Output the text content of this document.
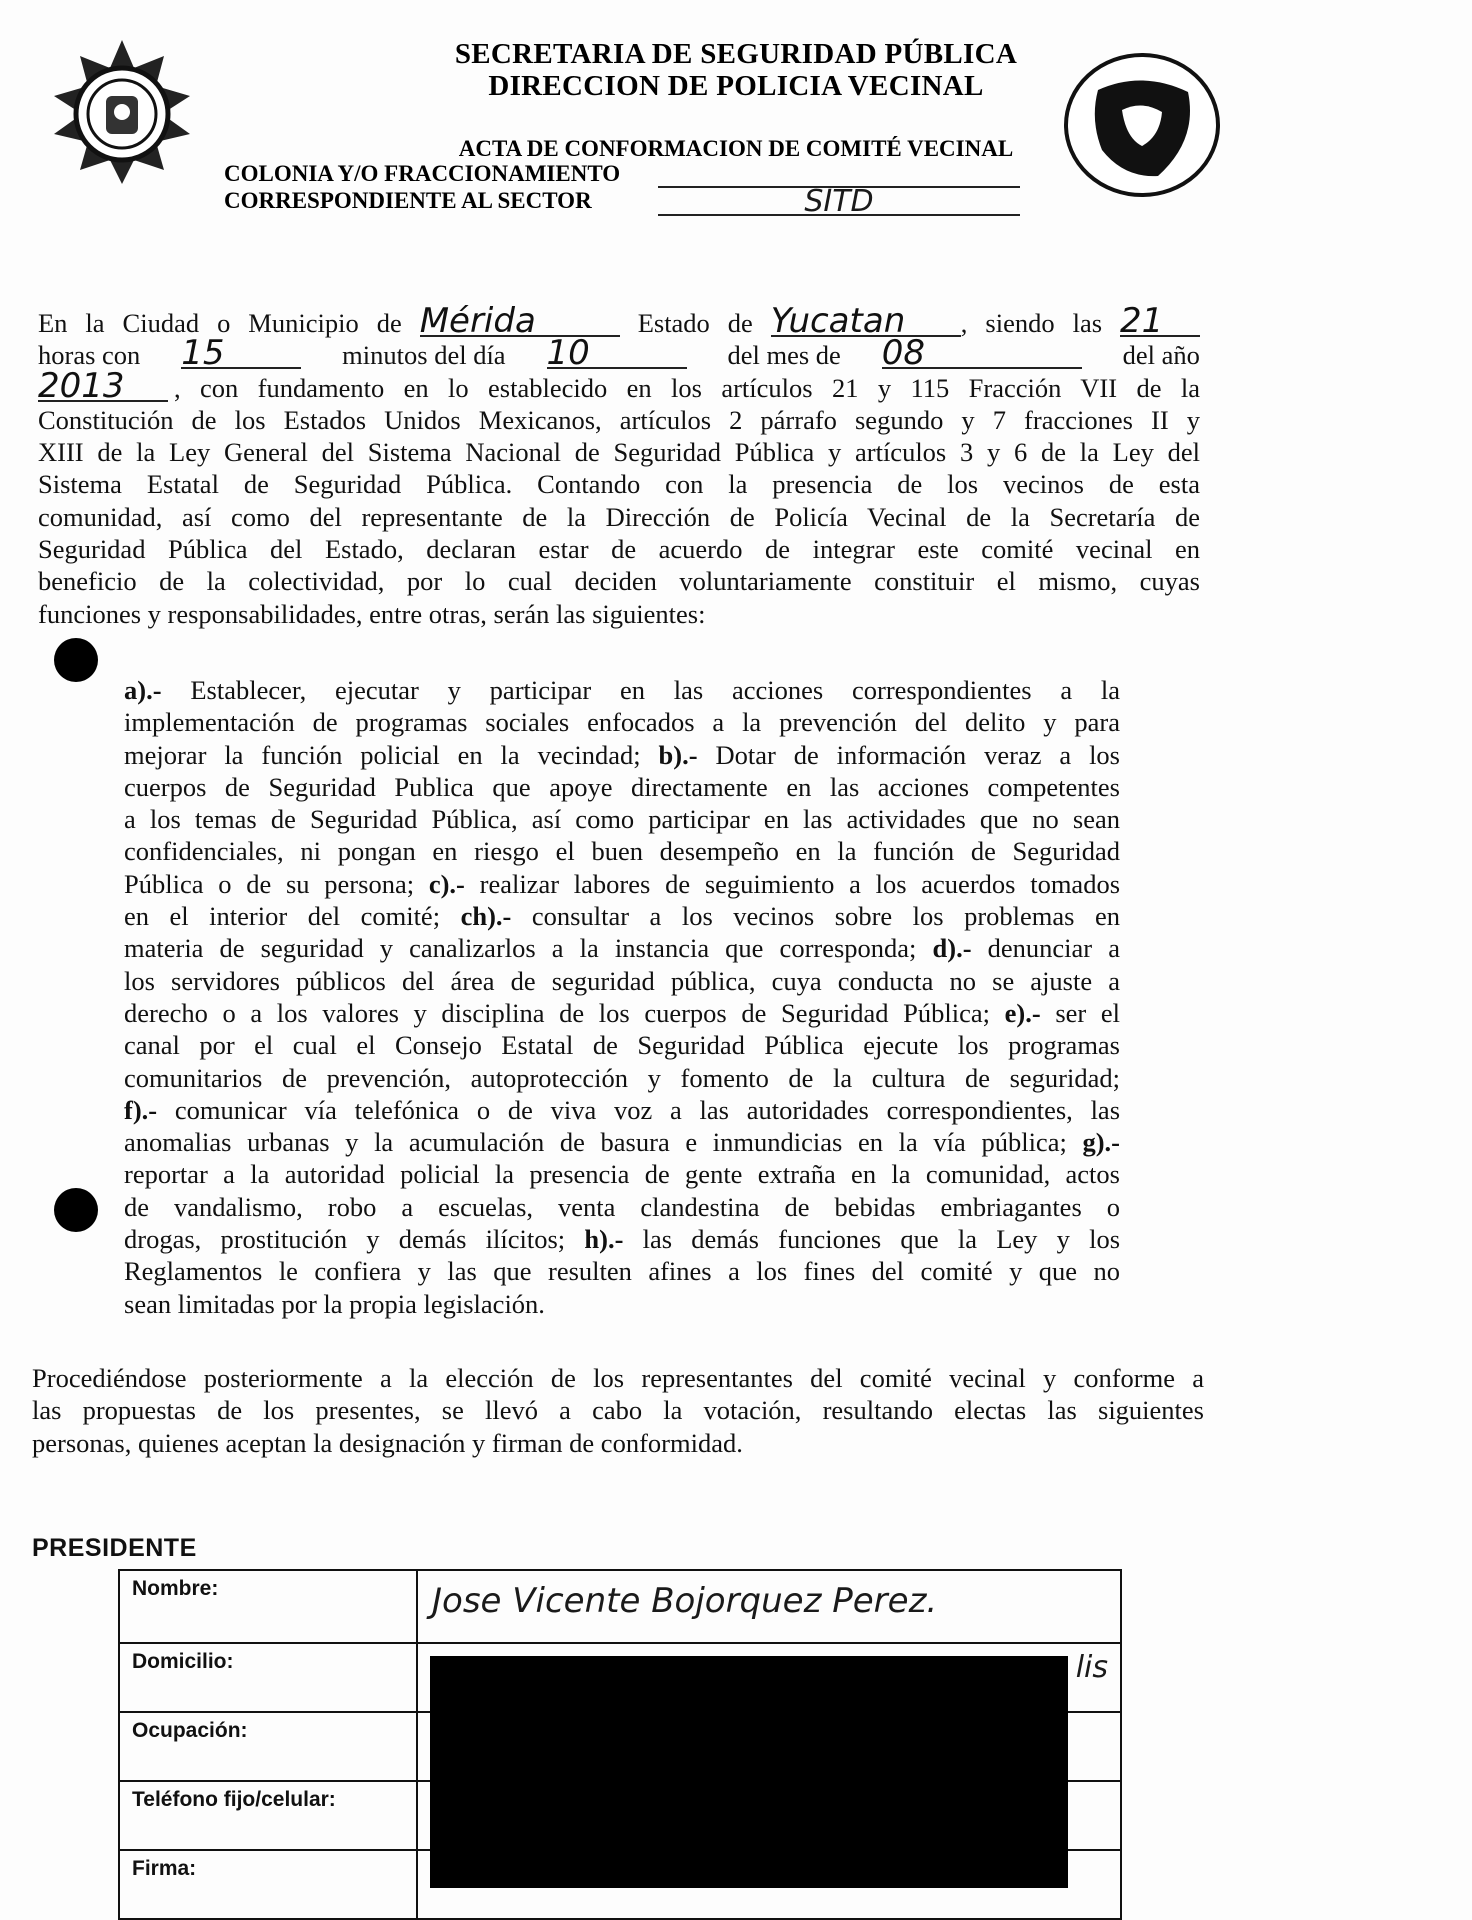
SECRETARIA DE SEGURIDAD PÚBLICA
DIRECCION DE POLICIA VECINAL
ACTA DE CONFORMACION DE COMITÉ VECINAL
COLONIA Y/O FRACCIONAMIENTO
CORRESPONDIENTE AL SECTOR	SITD
En la Ciudad o Municipio de Mérida	Estado de Yucatan , siendo las 21
horas con 15	minutos del día 10	del mes de 08	del año
2013	, con fundamento en lo establecido en los artículos 21 y 115 Fracción VII de la
Constitución de los Estados Unidos Mexicanos, artículos 2 párrafo segundo y 7 fracciones II y
XIII de la Ley General del Sistema Nacional de Seguridad Pública y artículos 3 y 6 de la Ley del
Sistema Estatal de Seguridad Pública. Contando con la presencia de los vecinos de esta
comunidad, así como del representante de la Dirección de Policía Vecinal de la Secretaría de
Seguridad Pública del Estado, declaran estar de acuerdo de integrar este comité vecinal en
beneficio de la colectividad, por lo cual deciden voluntariamente constituir el mismo, cuyas
funciones y responsabilidades, entre otras, serán las siguientes:
a).- Establecer, ejecutar y participar en las acciones correspondientes a la
implementación de programas sociales enfocados a la prevención del delito y para
mejorar la función policial en la vecindad; b).- Dotar de información veraz a los
cuerpos de Seguridad Publica que apoye directamente en las acciones competentes
a los temas de Seguridad Pública, así como participar en las actividades que no sean
confidenciales, ni pongan en riesgo el buen desempeño en la función de Seguridad
Pública o de su persona; c).- realizar labores de seguimiento a los acuerdos tomados
en el interior del comité; ch).- consultar a los vecinos sobre los problemas en
materia de seguridad y canalizarlos a la instancia que corresponda; d).- denunciar a
los servidores públicos del área de seguridad pública, cuya conducta no se ajuste a
derecho o a los valores y disciplina de los cuerpos de Seguridad Pública; e).- ser el
canal por el cual el Consejo Estatal de Seguridad Pública ejecute los programas
comunitarios de prevención, autoprotección y fomento de la cultura de seguridad;
f).- comunicar vía telefónica o de viva voz a las autoridades correspondientes, las
anomalias urbanas y la acumulación de basura e inmundicias en la vía pública; g).-
reportar a la autoridad policial la presencia de gente extraña en la comunidad, actos
de vandalismo, robo a escuelas, venta clandestina de bebidas embriagantes o
drogas, prostitución y demás ilícitos; h).- las demás funciones que la Ley y los
Reglamentos le confiera y las que resulten afines a los fines del comité y que no
sean limitadas por la propia legislación.
Procediéndose posteriormente a la elección de los representantes del comité vecinal y conforme a
las propuestas de los presentes, se llevó a cabo la votación, resultando electas las siguientes
personas, quienes aceptan la designación y firman de conformidad.
PRESIDENTE
Nombre:	Jose Vicente Bojorquez Perez.
Domicilio:	lis
Ocupación:	
Teléfono fijo/celular:	
Firma:	
